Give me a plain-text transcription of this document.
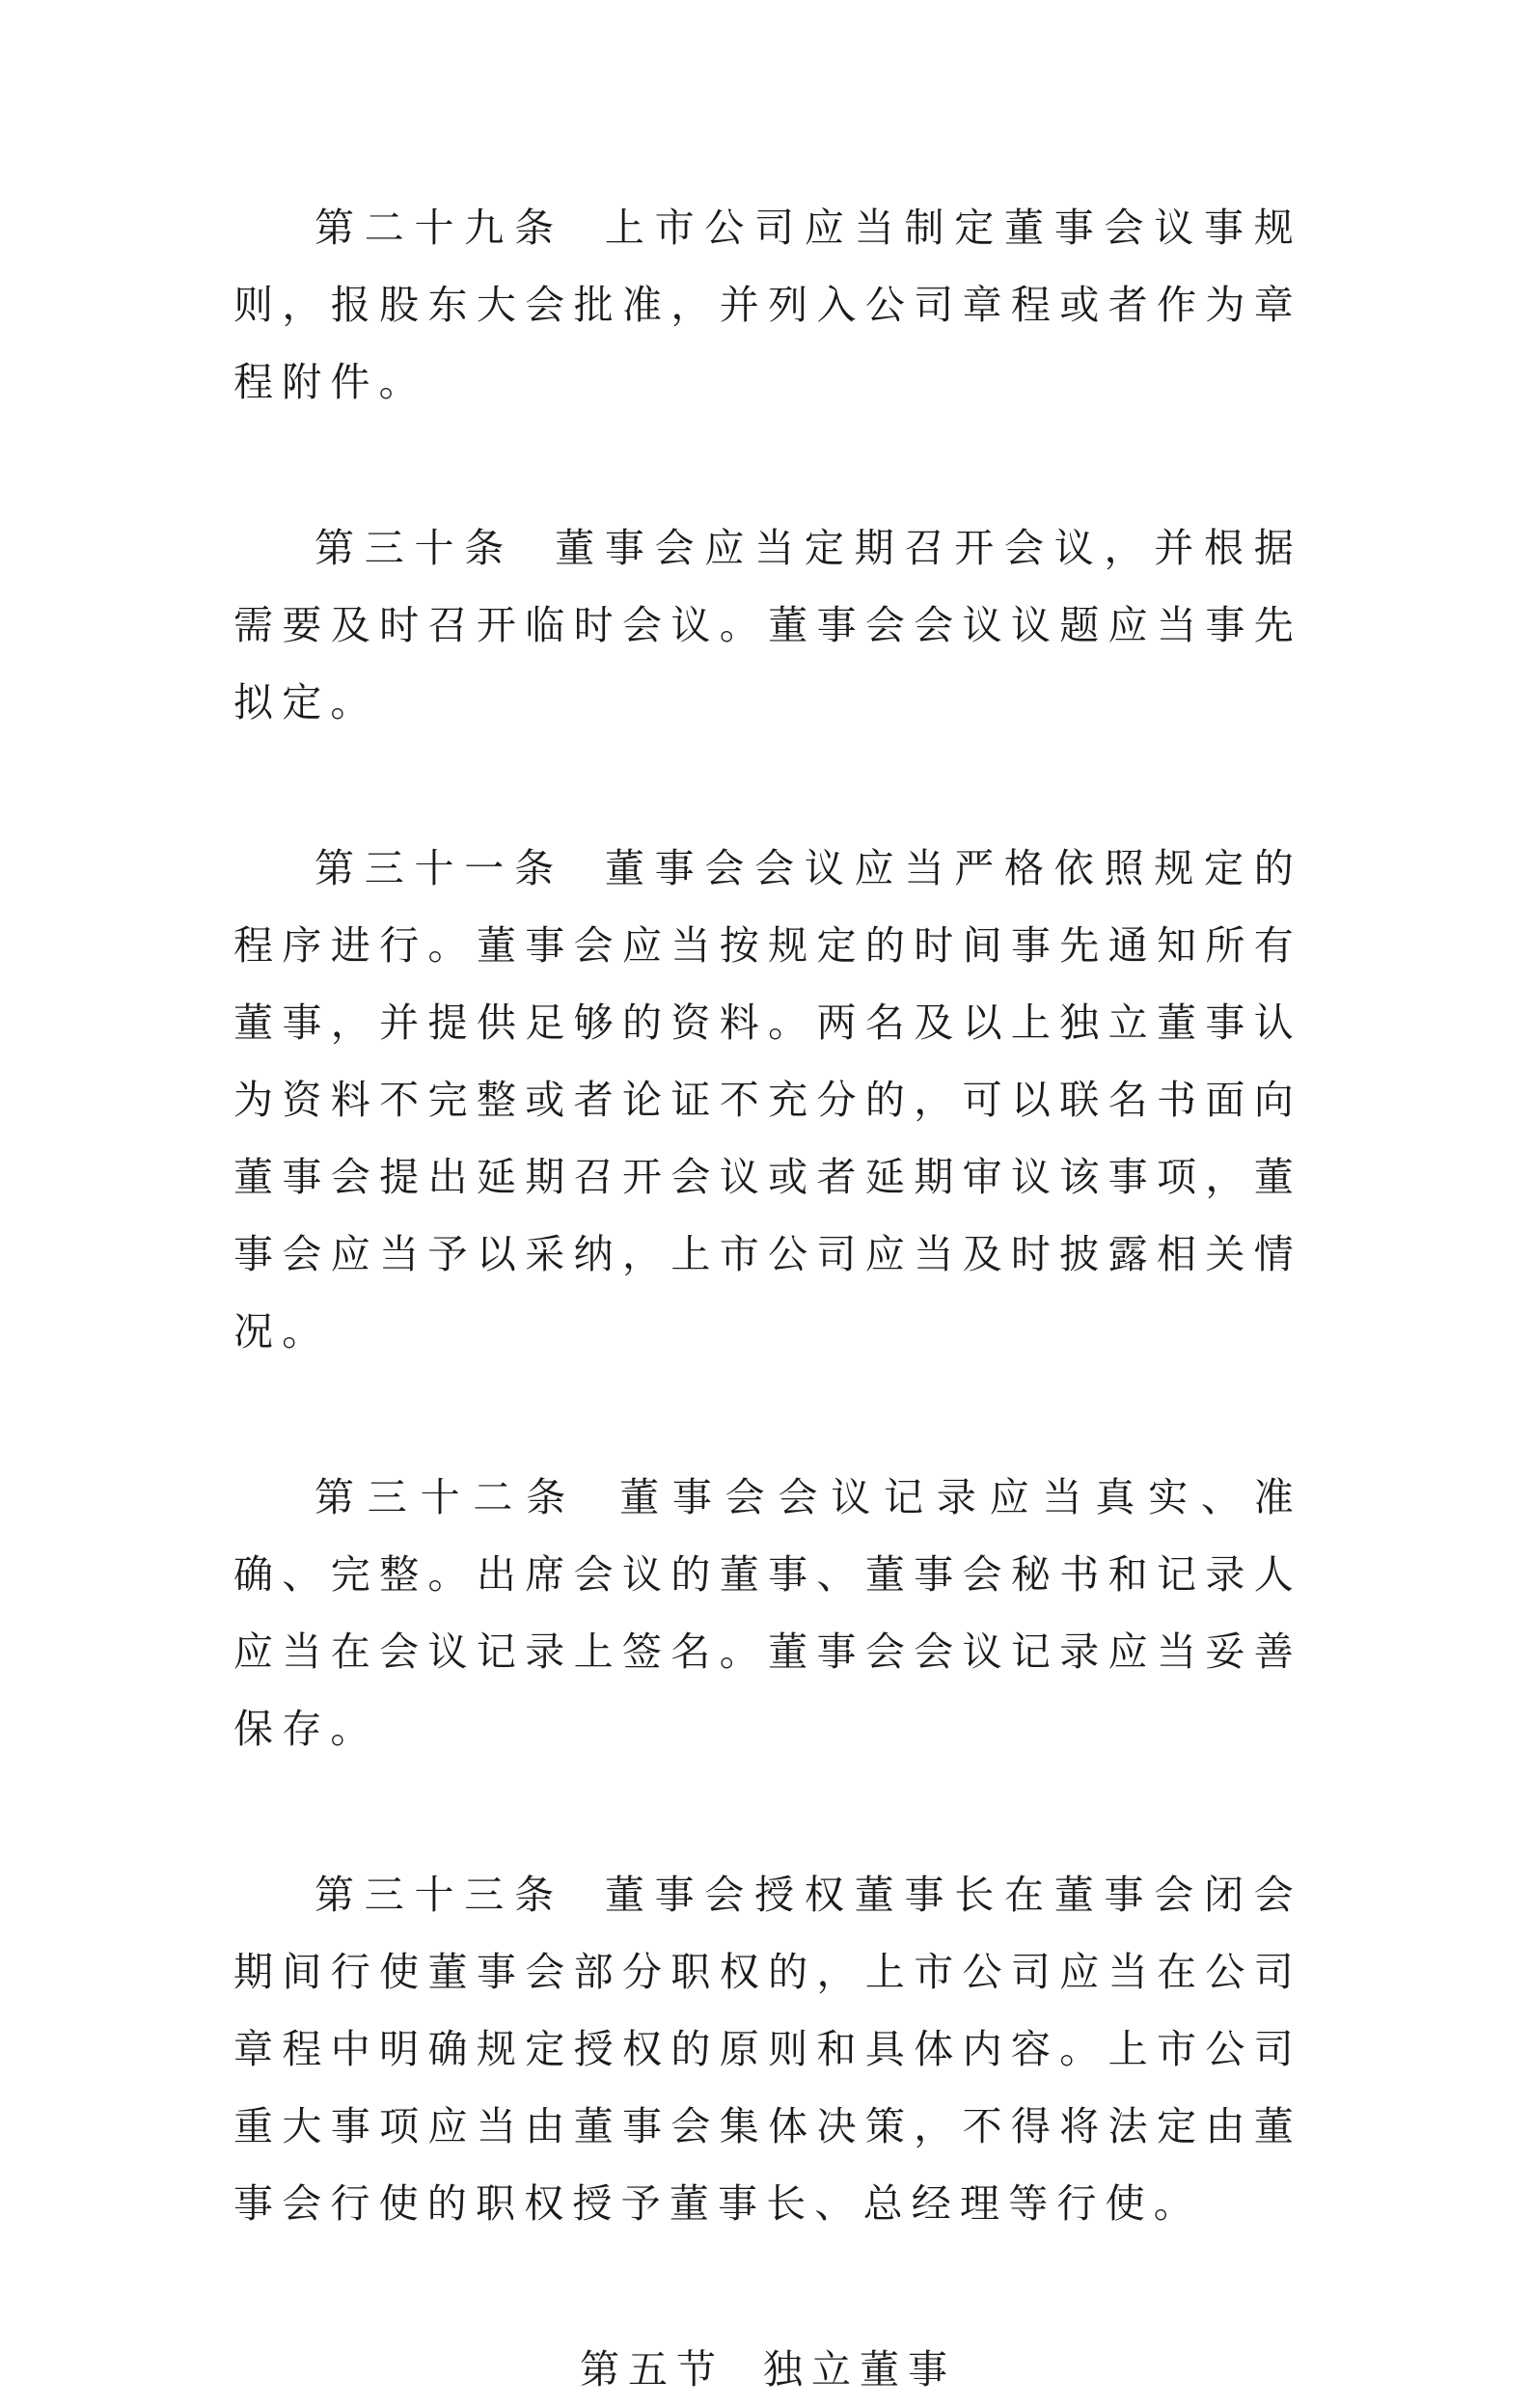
第二十九条 上市公司应当制定董事会议事规则，报股东大会批准，并列入公司章程或者作为章程附件。

第三十条 董事会应当定期召开会议，并根据需要及时召开临时会议。董事会会议议题应当事先拟定。

第三十一条 董事会会议应当严格依照规定的程序进行。董事会应当按规定的时间事先通知所有董事，并提供足够的资料。两名及以上独立董事认为资料不完整或者论证不充分的，可以联名书面向董事会提出延期召开会议或者延期审议该事项，董事会应当予以采纳，上市公司应当及时披露相关情况。

第三十二条 董事会会议记录应当真实、准确、完整。出席会议的董事、董事会秘书和记录人应当在会议记录上签名。董事会会议记录应当妥善保存。

第三十三条 董事会授权董事长在董事会闭会期间行使董事会部分职权的，上市公司应当在公司章程中明确规定授权的原则和具体内容。上市公司重大事项应当由董事会集体决策，不得将法定由董事会行使的职权授予董事长、总经理等行使。

第五节 独立董事
